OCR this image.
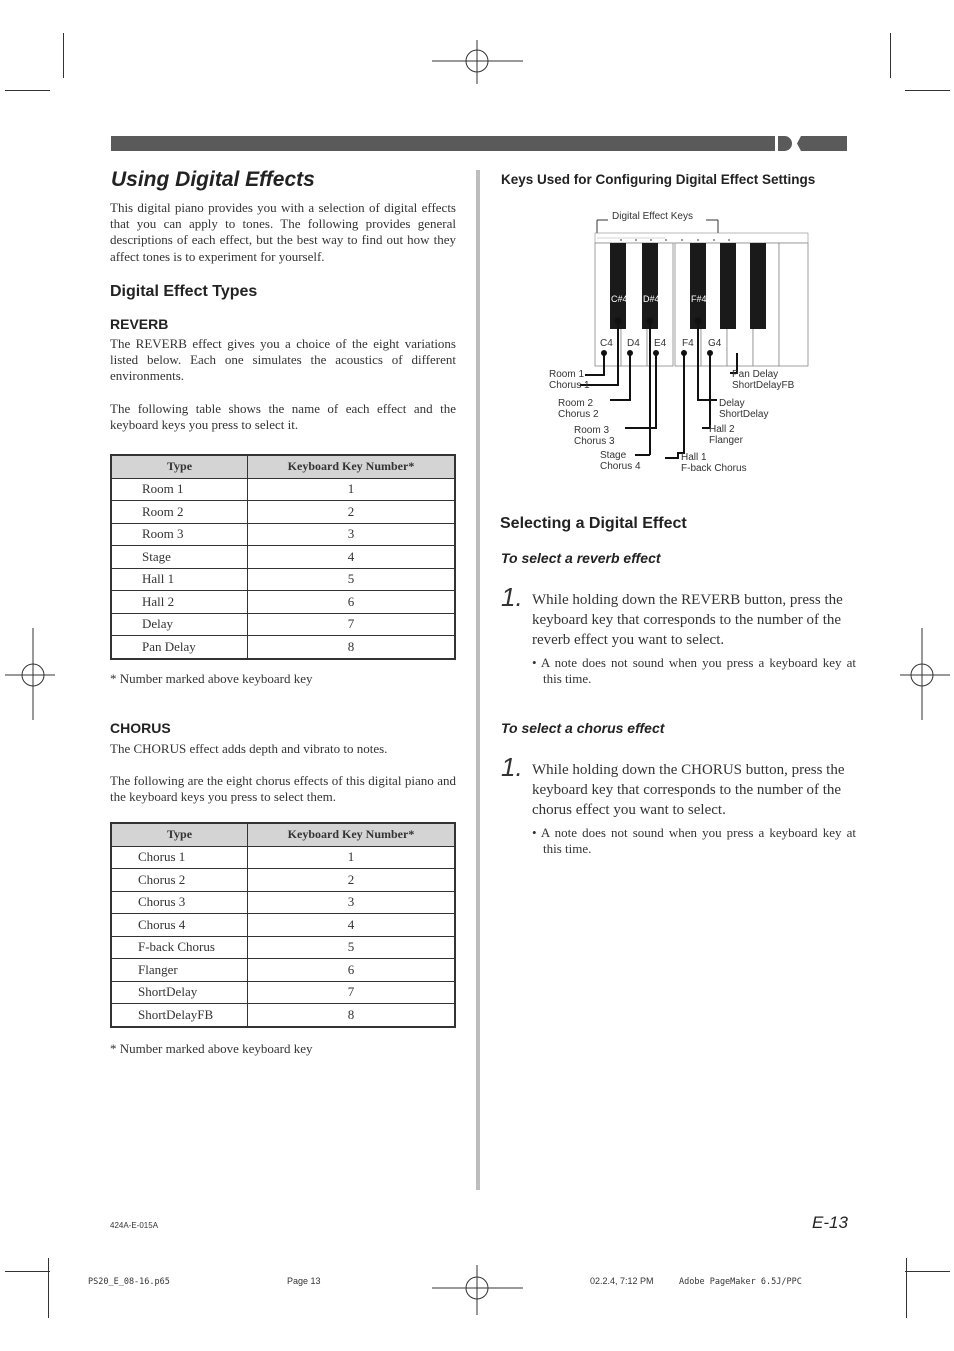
Using Digital Effects

This digital piano provides you with a selection of digital effects that you can apply to tones. The following provides general descriptions of each effect, but the best way to find out how they affect tones is to experiment for yourself.

Digital Effect Types
REVERB

The REVERB effect gives you a choice of the eight variations listed below. Each one simulates the acoustics of different environments.

The following table shows the name of each effect and the keyboard keys you press to select it.

Type	Keyboard Key Number*
Room 1	1
Room 2	2
Room 3	3
Stage	4
Hall 1	5
Hall 2	6
Delay	7
Pan Delay	8

* Number marked above keyboard key

CHORUS

The CHORUS effect adds depth and vibrato to notes.

The following are the eight chorus effects of this digital piano and the keyboard keys you press to select them.

Type	Keyboard Key Number*
Chorus 1	1
Chorus 2	2
Chorus 3	3
Chorus 4	4
F-back Chorus	5
Flanger	6
ShortDelay	7
ShortDelayFB	8

* Number marked above keyboard key

Keys Used for Configuring Digital Effect Settings
Digital Effect Keys
C4 D4 E4 F4 G4
C#4 D#4	F#4
Room 1
Chorus 1
Room 2
Chorus 2
Room 3
Chorus 3
Stage
Chorus 4
Pan Delay
ShortDelayFB
Delay
ShortDelay
Hall 2
Flanger
Hall 1
F-back Chorus
Selecting a Digital Effect
To select a reverb effect
1. While holding down the REVERB button, press the keyboard key that corresponds to the number of the reverb effect you want to select.

• A note does not sound when you press a keyboard key at this time.

To select a chorus effect
1. While holding down the CHORUS button, press the keyboard key that corresponds to the number of the chorus effect you want to select.

• A note does not sound when you press a keyboard key at this time.

E-13
424A-E-015A
PS20_E_08-16.p65	Page 13	02.2.4, 7:12 PM	Adobe PageMaker 6.5J/PPC
